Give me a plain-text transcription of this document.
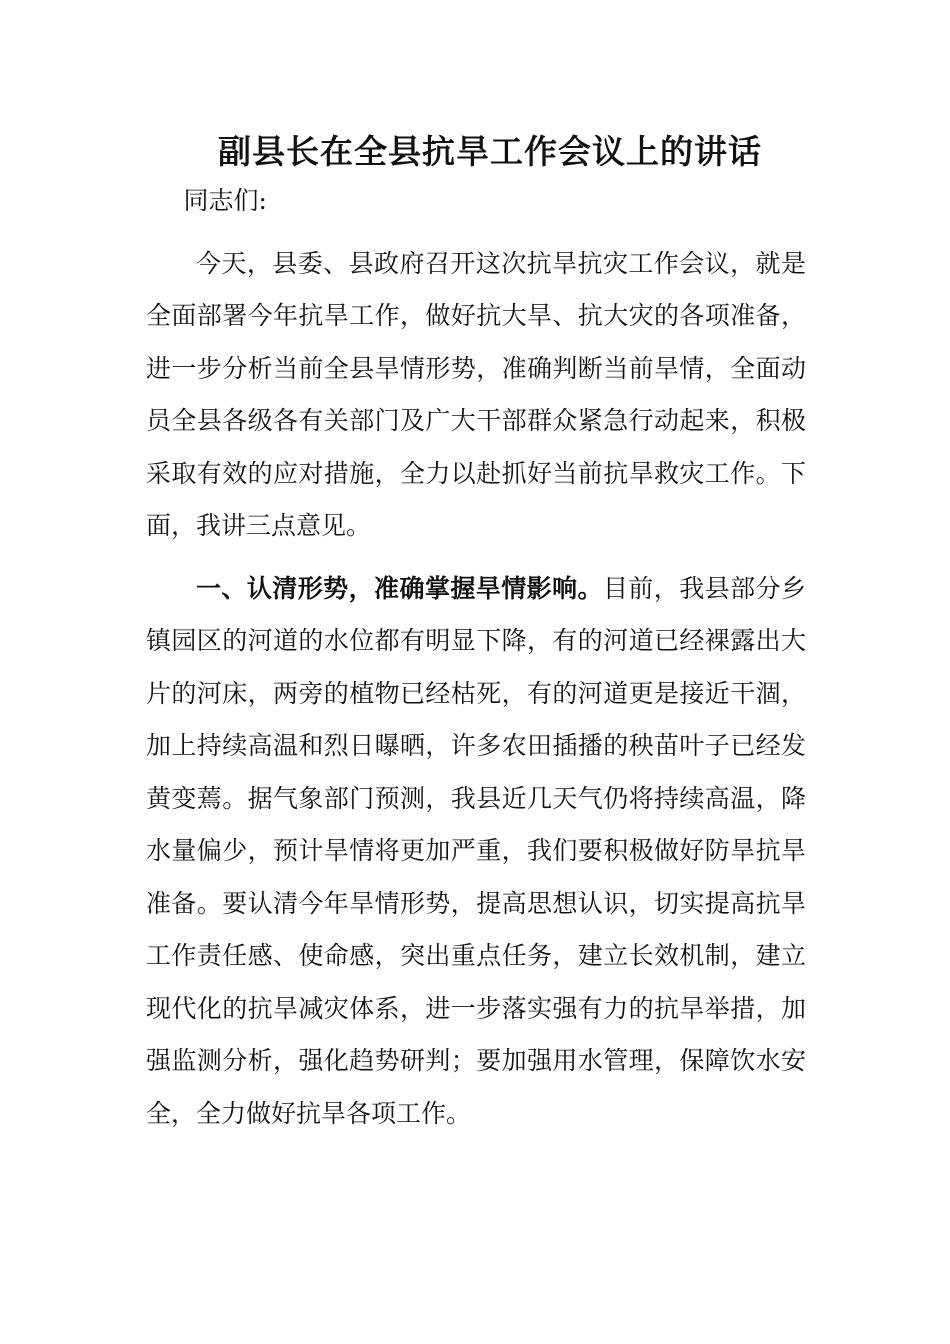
副县长在全县抗旱工作会议上的讲话

同志们:

今天，县委、县政府召开这次抗旱抗灾工作会议，就是全面部署今年抗旱工作，做好抗大旱、抗大灾的各项准备，进一步分析当前全县旱情形势，准确判断当前旱情，全面动员全县各级各有关部门及广大干部群众紧急行动起来，积极采取有效的应对措施，全力以赴抓好当前抗旱救灾工作。下面，我讲三点意见。

一、认清形势，准确掌握旱情影响。目前，我县部分乡镇园区的河道的水位都有明显下降，有的河道已经裸露出大片的河床，两旁的植物已经枯死，有的河道更是接近干涸，加上持续高温和烈日曝晒，许多农田插播的秧苗叶子已经发黄变蔫。据气象部门预测，我县近几天气仍将持续高温，降水量偏少，预计旱情将更加严重，我们要积极做好防旱抗旱准备。要认清今年旱情形势，提高思想认识，切实提高抗旱工作责任感、使命感，突出重点任务，建立长效机制，建立现代化的抗旱减灾体系，进一步落实强有力的抗旱举措，加强监测分析，强化趋势研判；要加强用水管理，保障饮水安全，全力做好抗旱各项工作。
